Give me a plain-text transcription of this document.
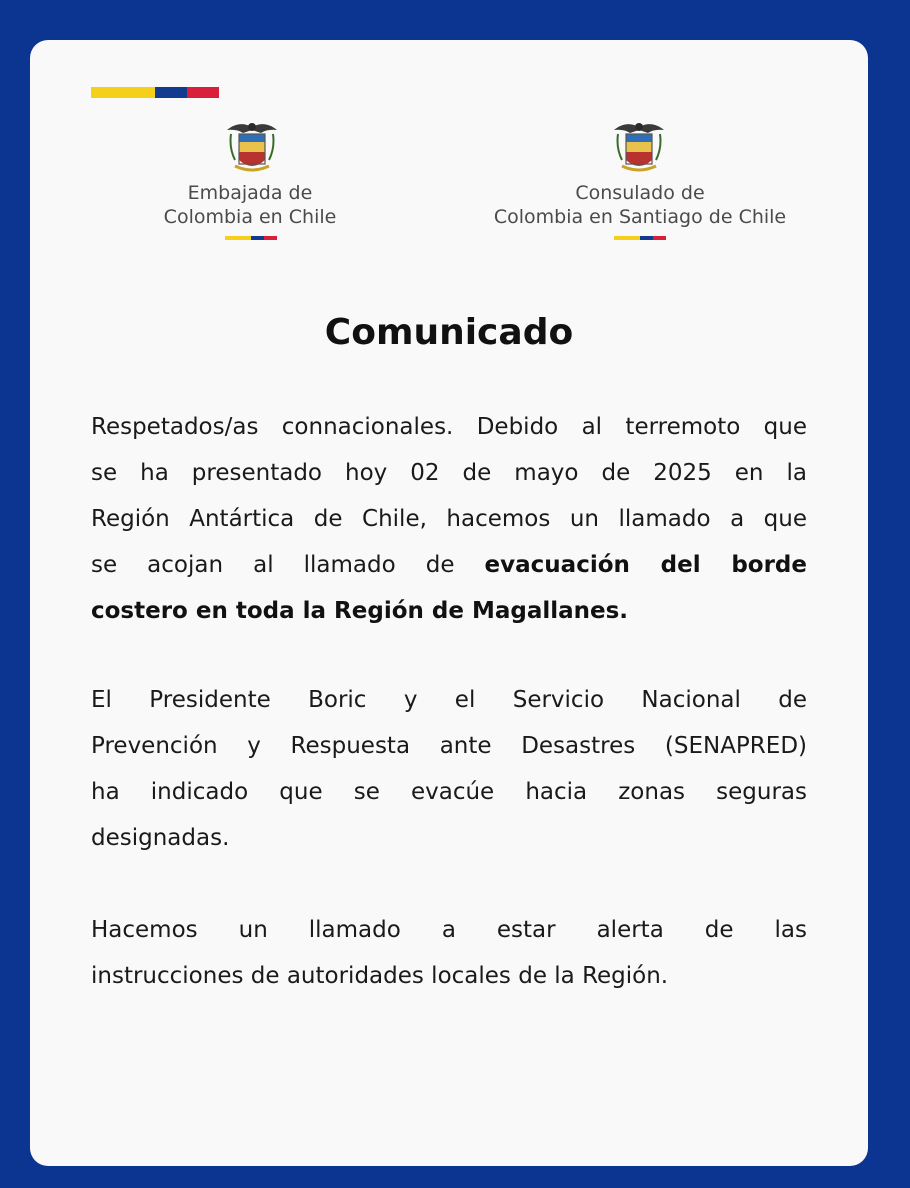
Embajada de
Colombia en Chile
Consulado de
Colombia en Santiago de Chile
Comunicado
Respetados/as connacionales. Debido al terremoto que
se ha presentado hoy 02 de mayo de 2025 en la
Región Antártica de Chile, hacemos un llamado a que
se acojan al llamado de evacuación del borde
costero en toda la Región de Magallanes.
El Presidente Boric y el Servicio Nacional de
Prevención y Respuesta ante Desastres (SENAPRED)
ha indicado que se evacúe hacia zonas seguras
designadas.
Hacemos un llamado a estar alerta de las
instrucciones de autoridades locales de la Región.
